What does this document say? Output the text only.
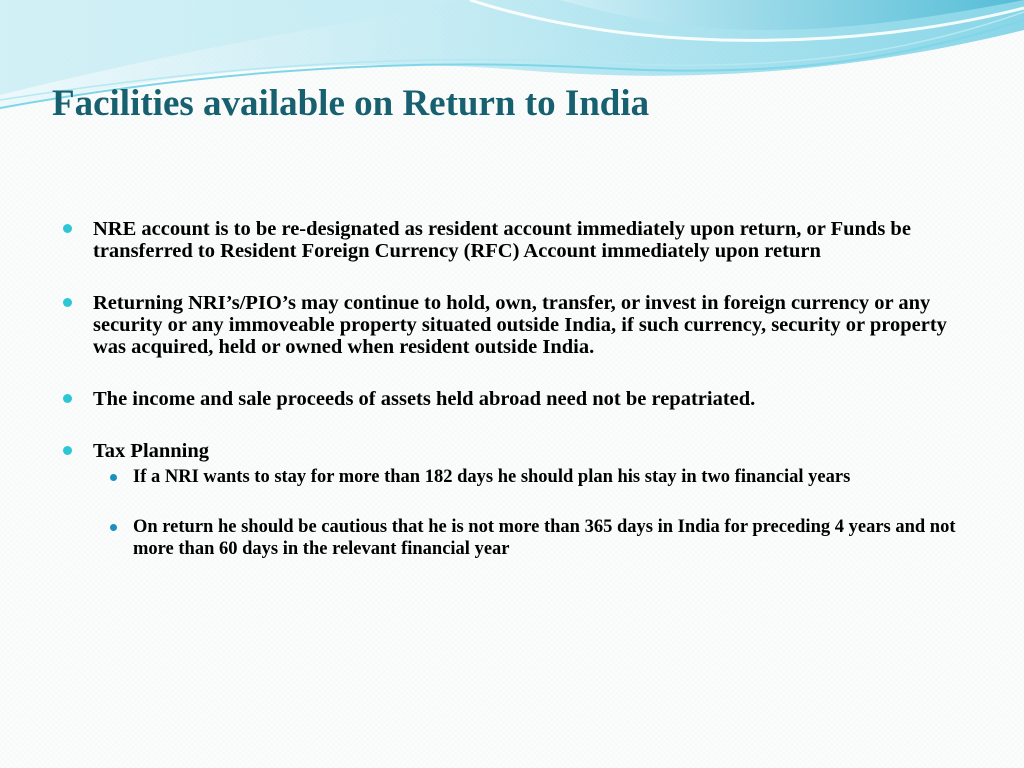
Facilities available on Return to India
NRE account is to be re-designated as resident account immediately upon return, or Funds be transferred to Resident Foreign Currency (RFC) Account immediately upon return
Returning NRI’s/PIO’s may continue to hold, own, transfer, or invest in foreign currency or any security or any immoveable property situated outside India, if such currency, security or property was acquired, held or owned when resident outside India.
The income and sale proceeds of assets held abroad need not be repatriated.
Tax Planning
If a NRI wants to stay for more than 182 days he should plan his stay in two financial years
On return he should be cautious that he is not more than 365 days in India for preceding 4 years and not more than 60 days in the relevant financial year
